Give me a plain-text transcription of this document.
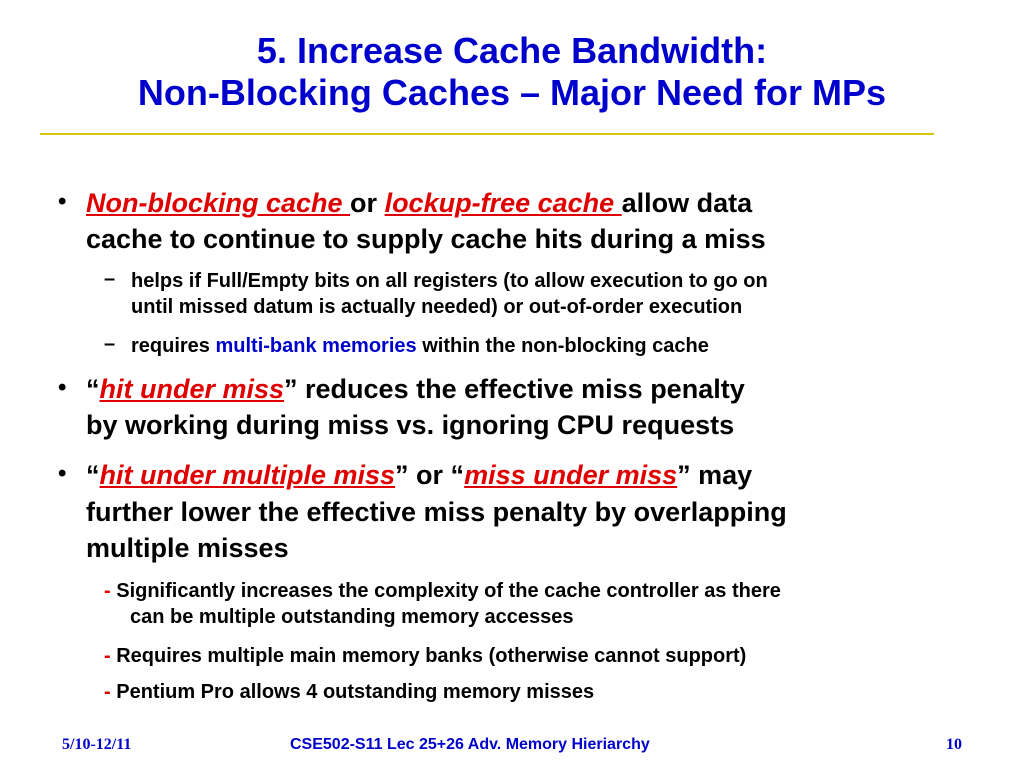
5. Increase Cache Bandwidth:
Non-Blocking Caches – Major Need for MPs
• Non-blocking cache or lockup-free cache allow data
cache to continue to supply cache hits during a miss
– helps if Full/Empty bits on all registers (to allow execution to go on
until missed datum is actually needed) or out-of-order execution
– requires multi-bank memories within the non-blocking cache
• “hit under miss” reduces the effective miss penalty
by working during miss vs. ignoring CPU requests
• “hit under multiple miss” or “miss under miss” may
further lower the effective miss penalty by overlapping
multiple misses
- Significantly increases the complexity of the cache controller as there
can be multiple outstanding memory accesses
- Requires multiple main memory banks (otherwise cannot support)
- Pentium Pro allows 4 outstanding memory misses
5/10-12/11	CSE502-S11 Lec 25+26 Adv. Memory Hieriarchy	10
